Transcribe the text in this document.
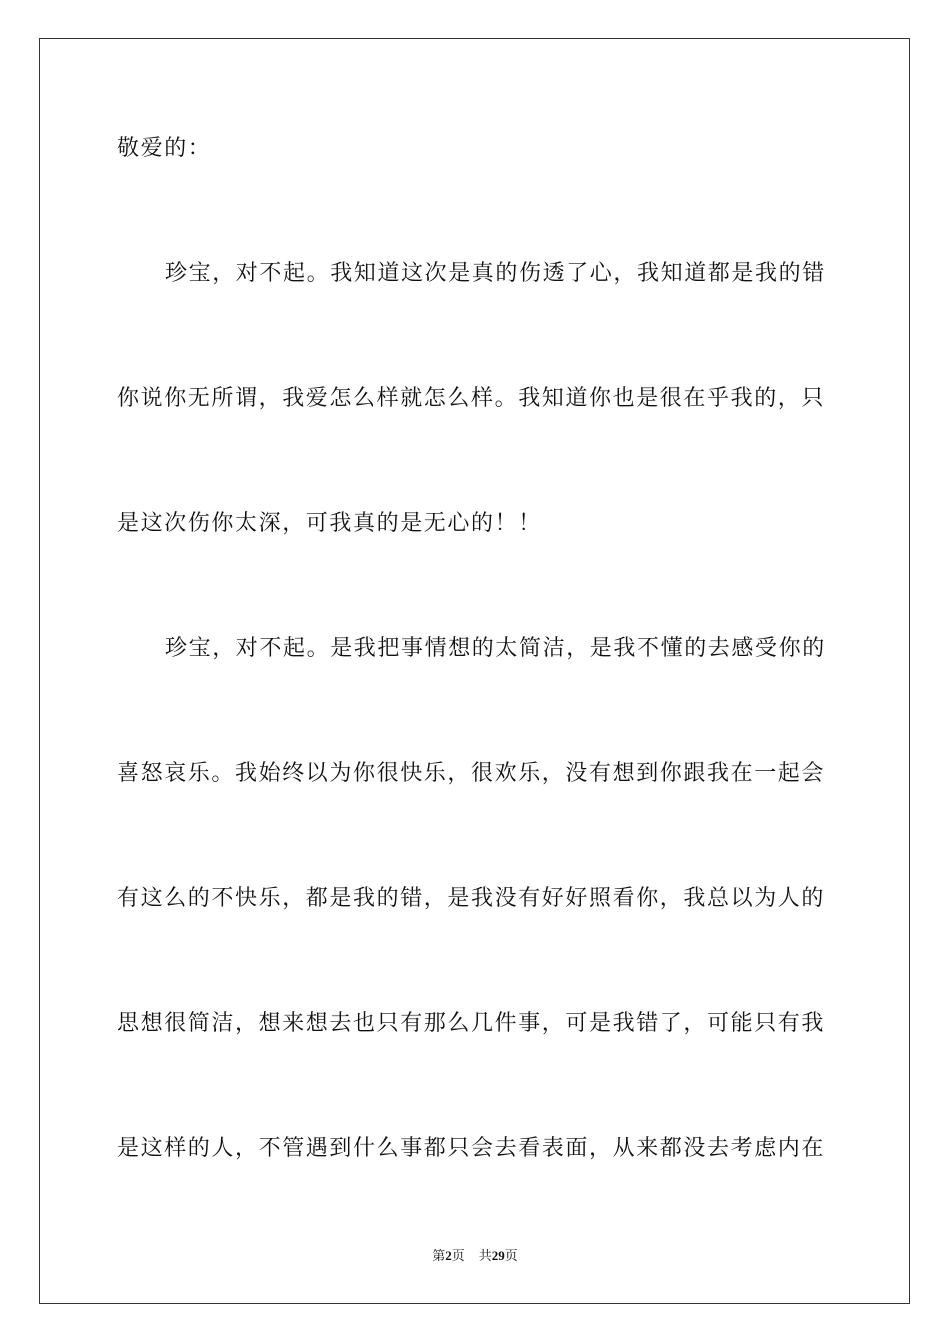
敬爱的：
珍宝，对不起。我知道这次是真的伤透了心，我知道都是我的错
你说你无所谓，我爱怎么样就怎么样。我知道你也是很在乎我的，只
是这次伤你太深，可我真的是无心的！！
珍宝，对不起。是我把事情想的太简洁，是我不懂的去感受你的
喜怒哀乐。我始终以为你很快乐，很欢乐，没有想到你跟我在一起会
有这么的不快乐，都是我的错，是我没有好好照看你，我总以为人的
思想很简洁，想来想去也只有那么几件事，可是我错了，可能只有我
是这样的人，不管遇到什么事都只会去看表面，从来都没去考虑内在
第2页 共29页
